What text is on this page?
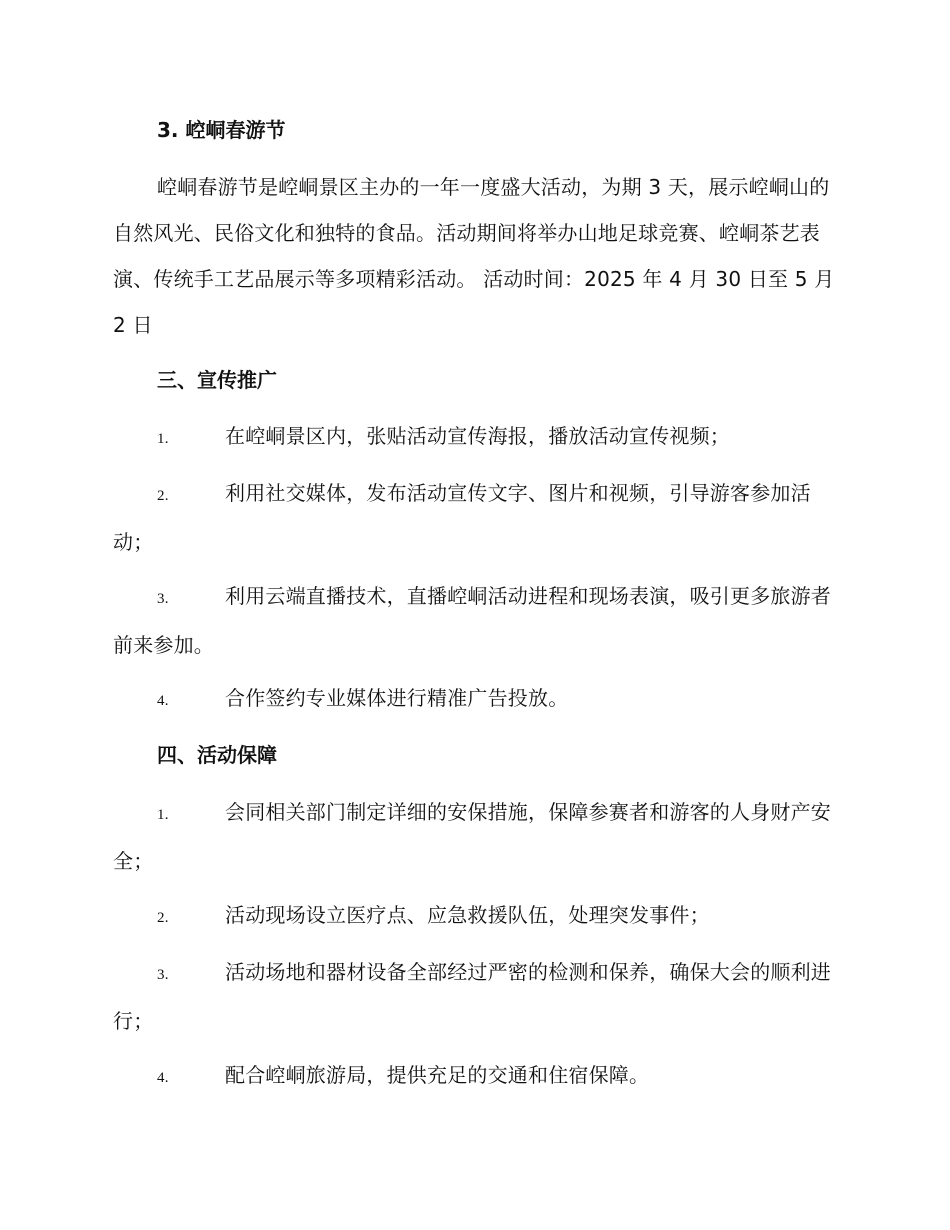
3. 崆峒春游节

崆峒春游节是崆峒景区主办的一年一度盛大活动，为期 3 天，展示崆峒山的自然风光、民俗文化和独特的食品。活动期间将举办山地足球竞赛、崆峒茶艺表演、传统手工艺品展示等多项精彩活动。 活动时间：2025 年 4 月 30 日至 5 月 2 日

三、宣传推广

1.	在崆峒景区内，张贴活动宣传海报，播放活动宣传视频；

2.	利用社交媒体，发布活动宣传文字、图片和视频，引导游客参加活动；

3.	利用云端直播技术，直播崆峒活动进程和现场表演，吸引更多旅游者前来参加。

4.	合作签约专业媒体进行精准广告投放。

四、活动保障

1.	会同相关部门制定详细的安保措施，保障参赛者和游客的人身财产安全；

2.	活动现场设立医疗点、应急救援队伍，处理突发事件；

3.	活动场地和器材设备全部经过严密的检测和保养，确保大会的顺利进行；

4.	配合崆峒旅游局，提供充足的交通和住宿保障。
